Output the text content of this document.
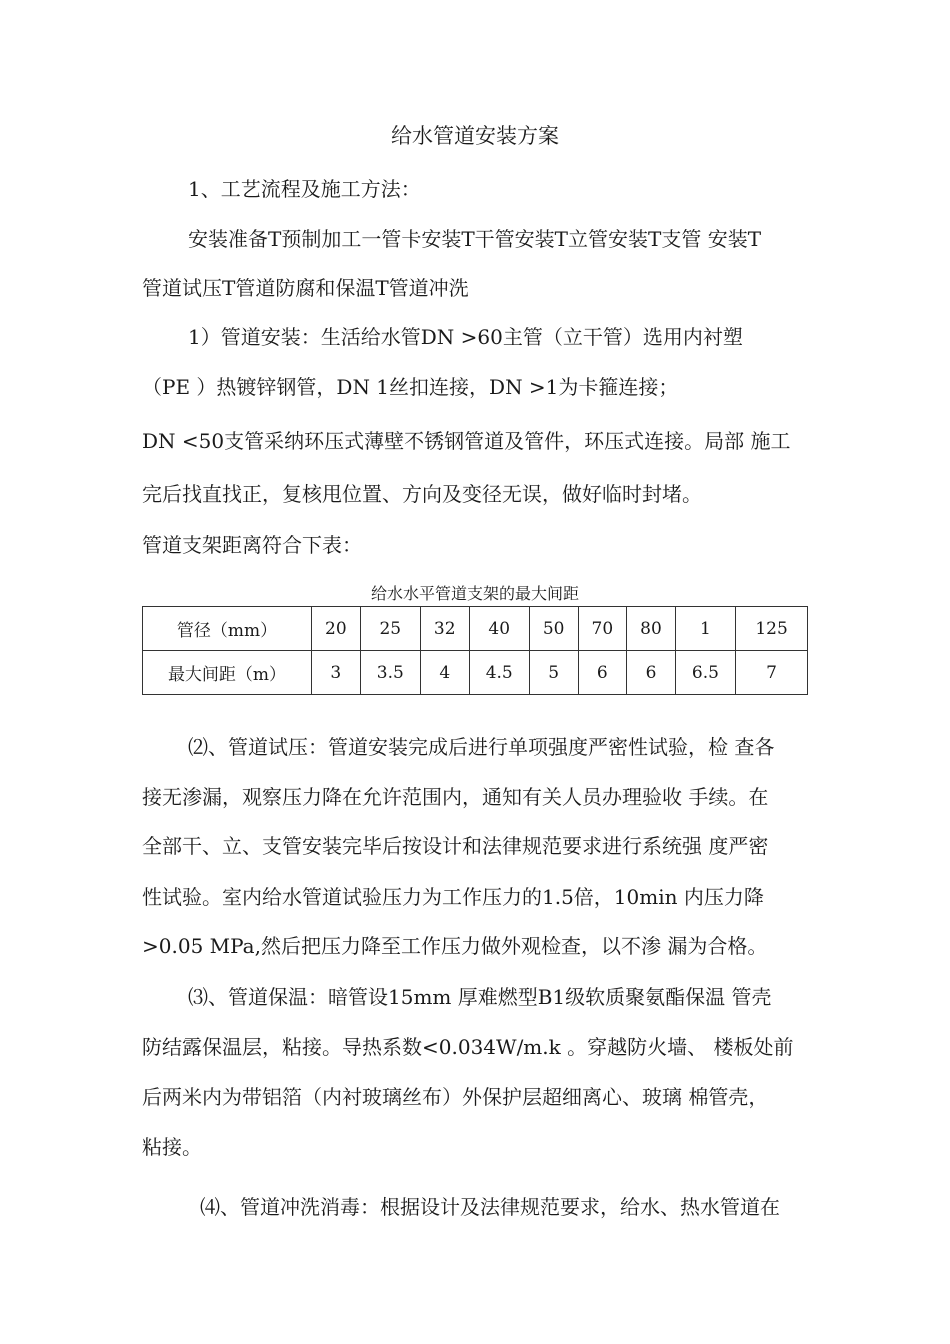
给水管道安装方案
1、工艺流程及施工方法：
安装准备T预制加工一管卡安装T干管安装T立管安装T支管 安装T
管道试压T管道防腐和保温T管道冲洗
1）管道安装：生活给水管DN >60主管（立干管）选用内衬塑
（PE ）热镀锌钢管，DN 1丝扣连接，DN >1为卡箍连接；
DN <50支管采纳环压式薄壁不锈钢管道及管件，环压式连接。局部 施工
完后找直找正，复核甩位置、方向及变径无误，做好临时封堵。
管道支架距离符合下表：
给水水平管道支架的最大间距
管径（mm）	20	25	32	40	50	70	80	1	125
最大间距（m）	3	3.5	4	4.5	5	6	6	6.5	7
⑵、管道试压：管道安装完成后进行单项强度严密性试验，检 查各
接无渗漏，观察压力降在允许范围内，通知有关人员办理验收 手续。在
全部干、立、支管安装完毕后按设计和法律规范要求进行系统强 度严密
性试验。室内给水管道试验压力为工作压力的1.5倍，10min 内压力降
>0.05 MPa,然后把压力降至工作压力做外观检查，以不渗 漏为合格。
⑶、管道保温：暗管设15mm 厚难燃型B1级软质聚氨酯保温 管壳
防结露保温层，粘接。导热系数<0.034W/m.k 。穿越防火墙、 楼板处前
后两米内为带铝箔（内衬玻璃丝布）外保护层超细离心、玻璃 棉管壳，
粘接。
⑷、管道冲洗消毒：根据设计及法律规范要求，给水、热水管道在
